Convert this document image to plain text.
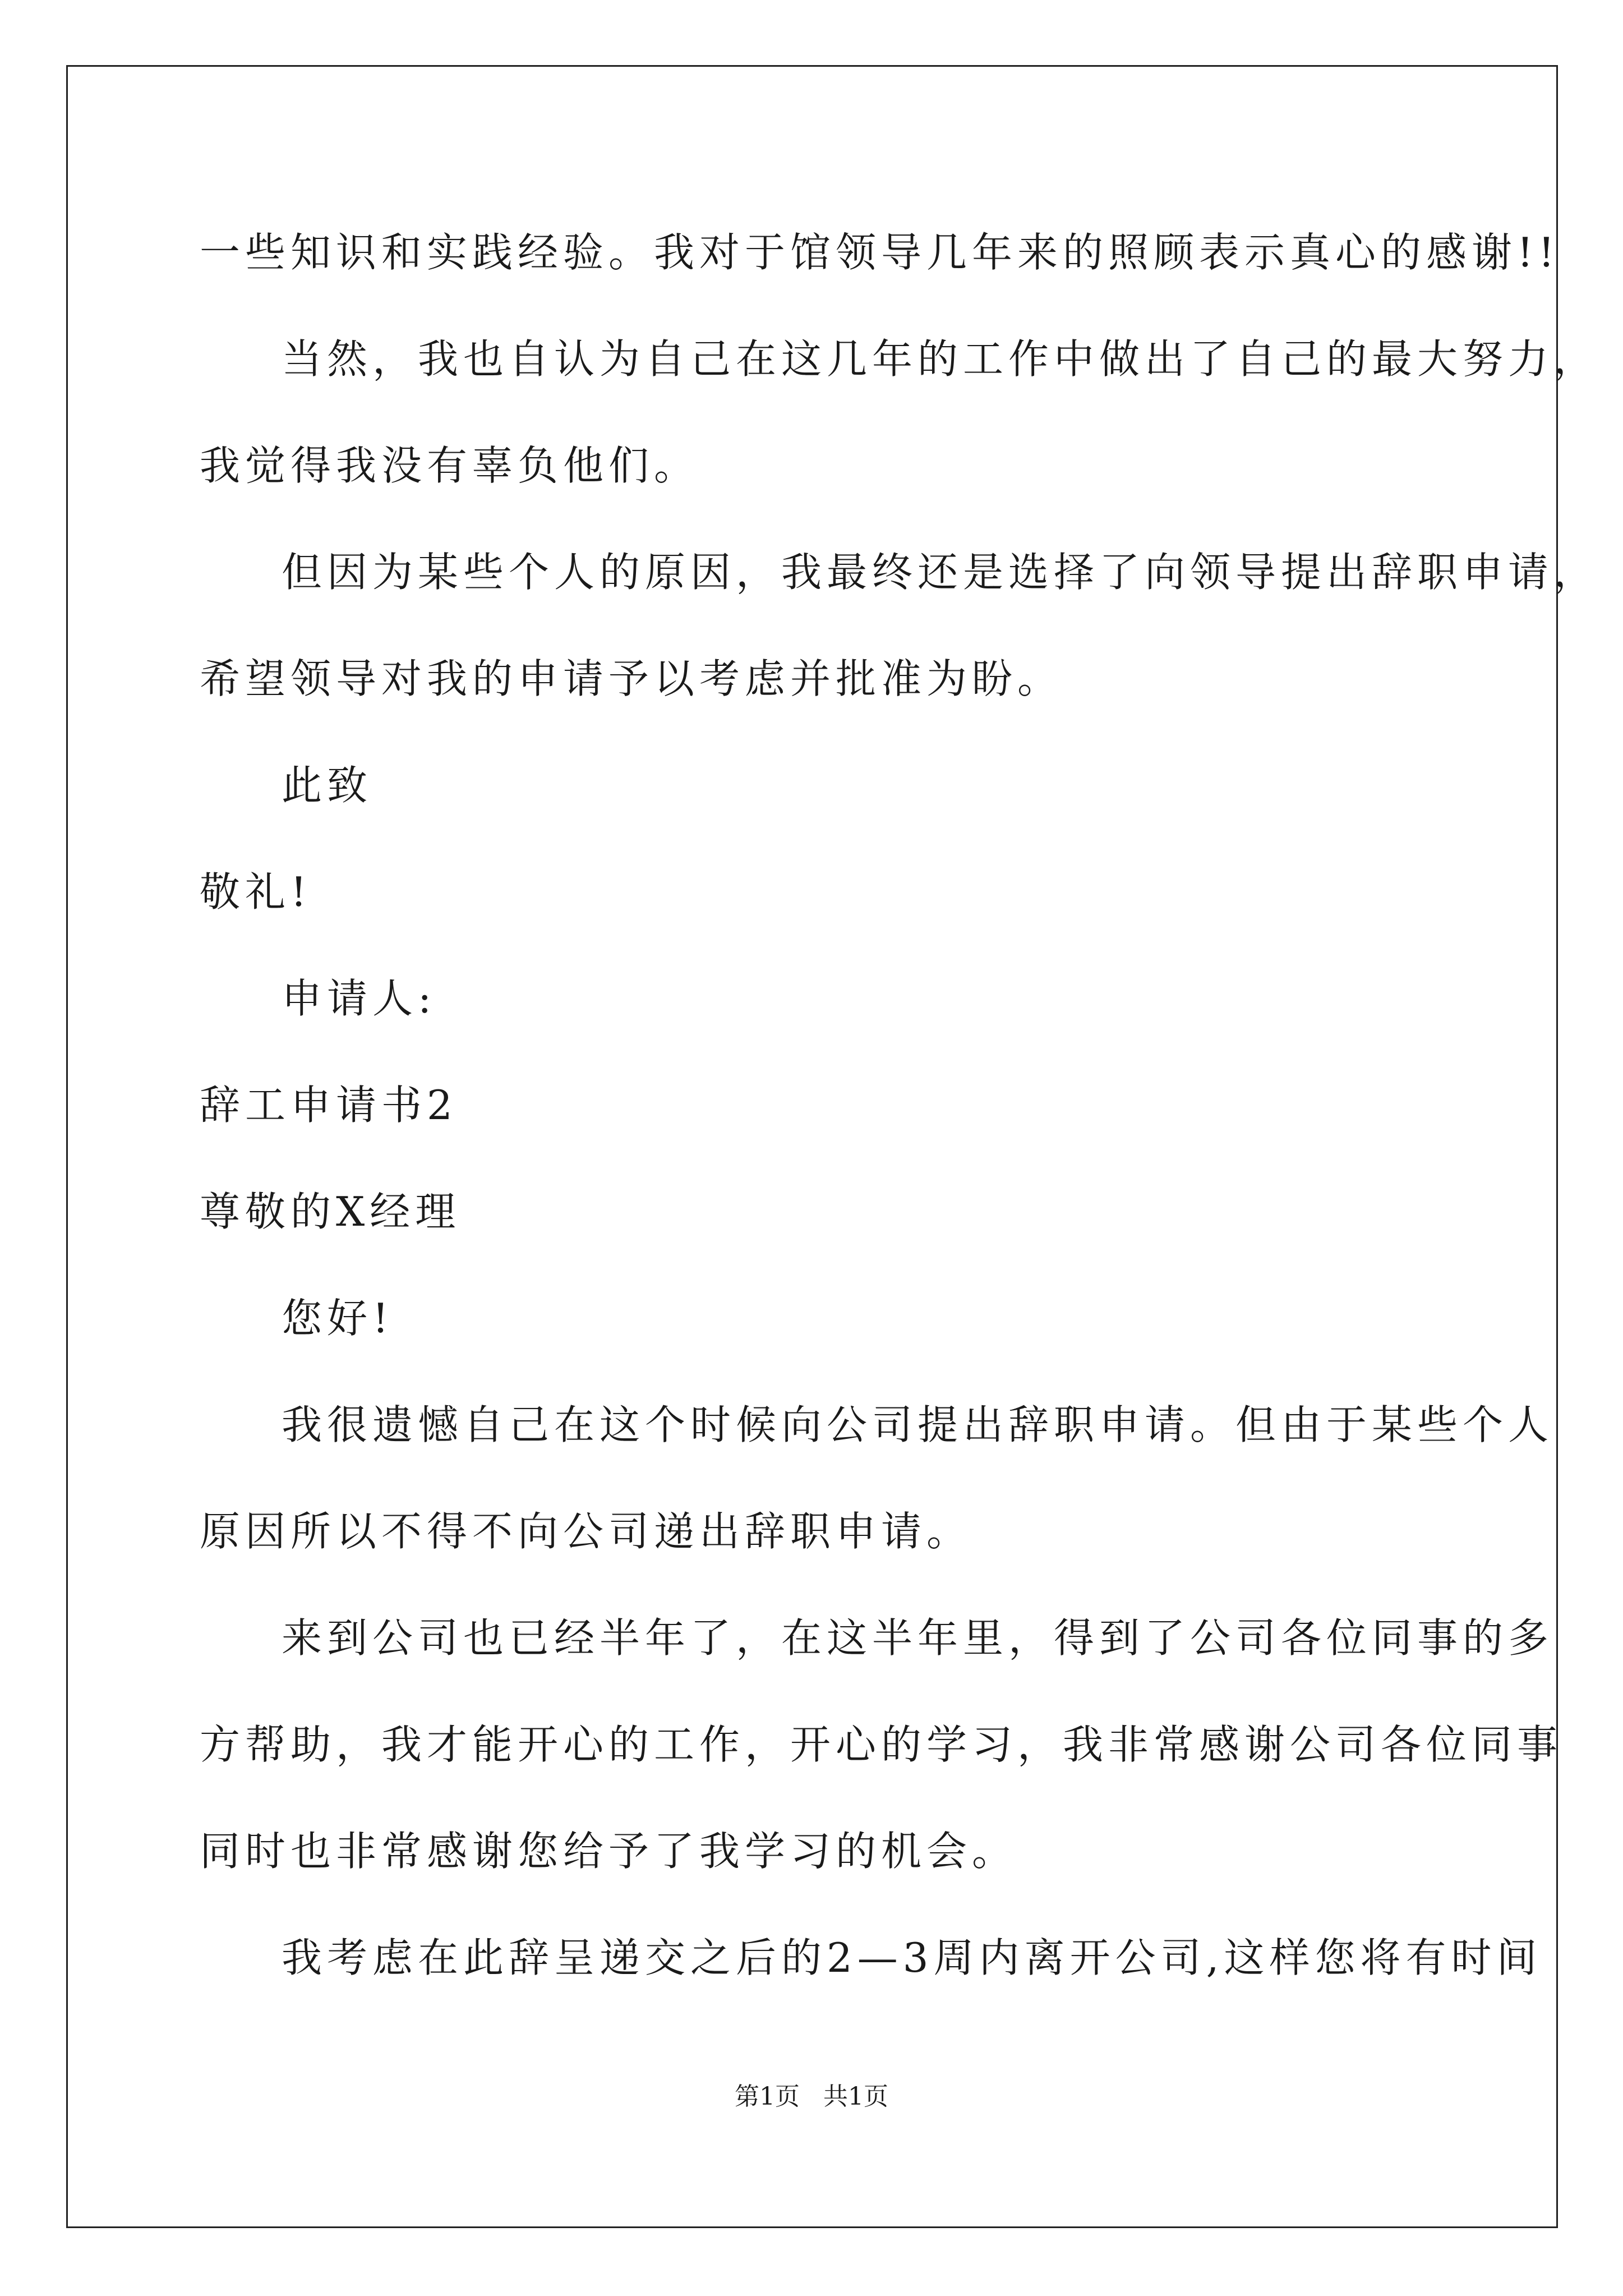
一些知识和实践经验。我对于馆领导几年来的照顾表示真心的感谢!!
当然，我也自认为自己在这几年的工作中做出了自己的最大努力，
我觉得我没有辜负他们。
但因为某些个人的原因，我最终还是选择了向领导提出辞职申请，
希望领导对我的申请予以考虑并批准为盼。
此致
敬礼!
申请人:
辞工申请书2
尊敬的X经理
您好!
我很遗憾自己在这个时候向公司提出辞职申请。但由于某些个人
原因所以不得不向公司递出辞职申请。
来到公司也已经半年了，在这半年里，得到了公司各位同事的多
方帮助，我才能开心的工作，开心的学习，我非常感谢公司各位同事
同时也非常感谢您给予了我学习的机会。
我考虑在此辞呈递交之后的2—3周内离开公司,这样您将有时间
第1页   共1页
